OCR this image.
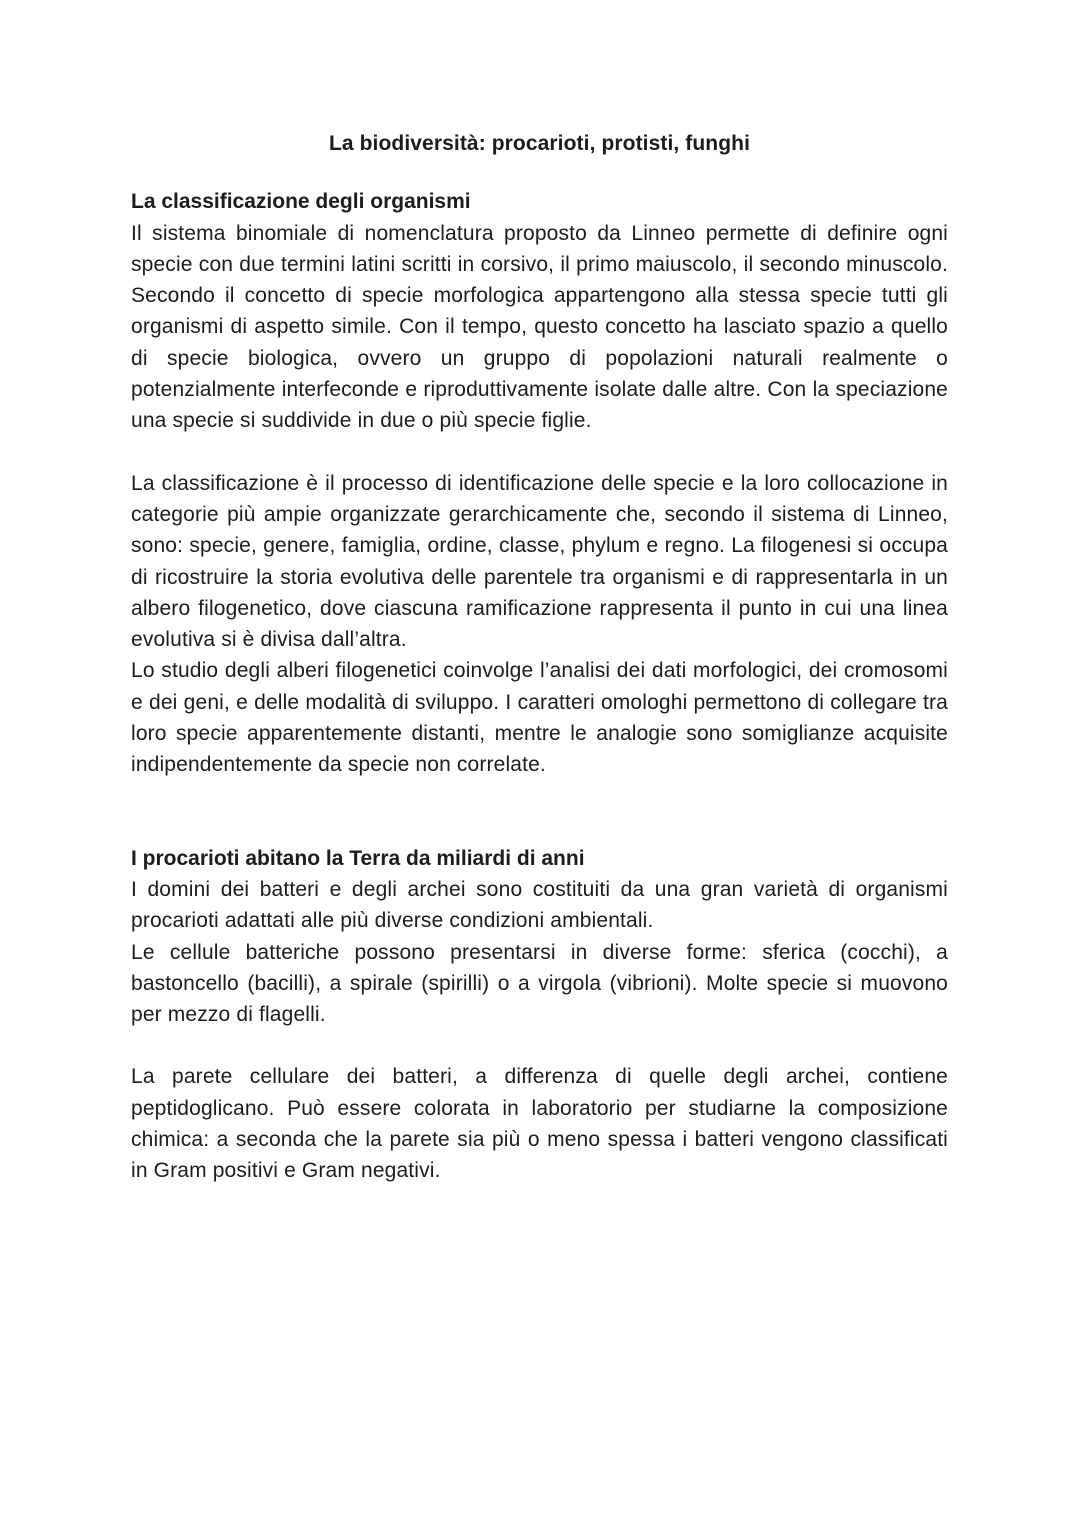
La biodiversità: procarioti, protisti, funghi
La classificazione degli organismi

Il sistema binomiale di nomenclatura proposto da Linneo permette di definire ogni specie con due termini latini scritti in corsivo, il primo maiuscolo, il secondo minuscolo. Secondo il concetto di specie morfologica appartengono alla stessa specie tutti gli organismi di aspetto simile. Con il tempo, questo concetto ha lasciato spazio a quello di specie biologica, ovvero un gruppo di popolazioni naturali realmente o potenzialmente interfeconde e riproduttivamente isolate dalle altre. Con la speciazione una specie si suddivide in due o più specie figlie.

La classificazione è il processo di identificazione delle specie e la loro collocazione in categorie più ampie organizzate gerarchicamente che, secondo il sistema di Linneo, sono: specie, genere, famiglia, ordine, classe, phylum e regno. La filogenesi si occupa di ricostruire la storia evolutiva delle parentele tra organismi e di rappresentarla in un albero filogenetico, dove ciascuna ramificazione rappresenta il punto in cui una linea evolutiva si è divisa dall’altra.

Lo studio degli alberi filogenetici coinvolge l’analisi dei dati morfologici, dei cromosomi e dei geni, e delle modalità di sviluppo. I caratteri omologhi permettono di collegare tra loro specie apparentemente distanti, mentre le analogie sono somiglianze acquisite indipendentemente da specie non correlate.

I procarioti abitano la Terra da miliardi di anni

I domini dei batteri e degli archei sono costituiti da una gran varietà di organismi procarioti adattati alle più diverse condizioni ambientali.

Le cellule batteriche possono presentarsi in diverse forme: sferica (cocchi), a bastoncello (bacilli), a spirale (spirilli) o a virgola (vibrioni). Molte specie si muovono per mezzo di flagelli.

La parete cellulare dei batteri, a differenza di quelle degli archei, contiene peptidoglicano. Può essere colorata in laboratorio per studiarne la composizione chimica: a seconda che la parete sia più o meno spessa i batteri vengono classificati in Gram positivi e Gram negativi.
